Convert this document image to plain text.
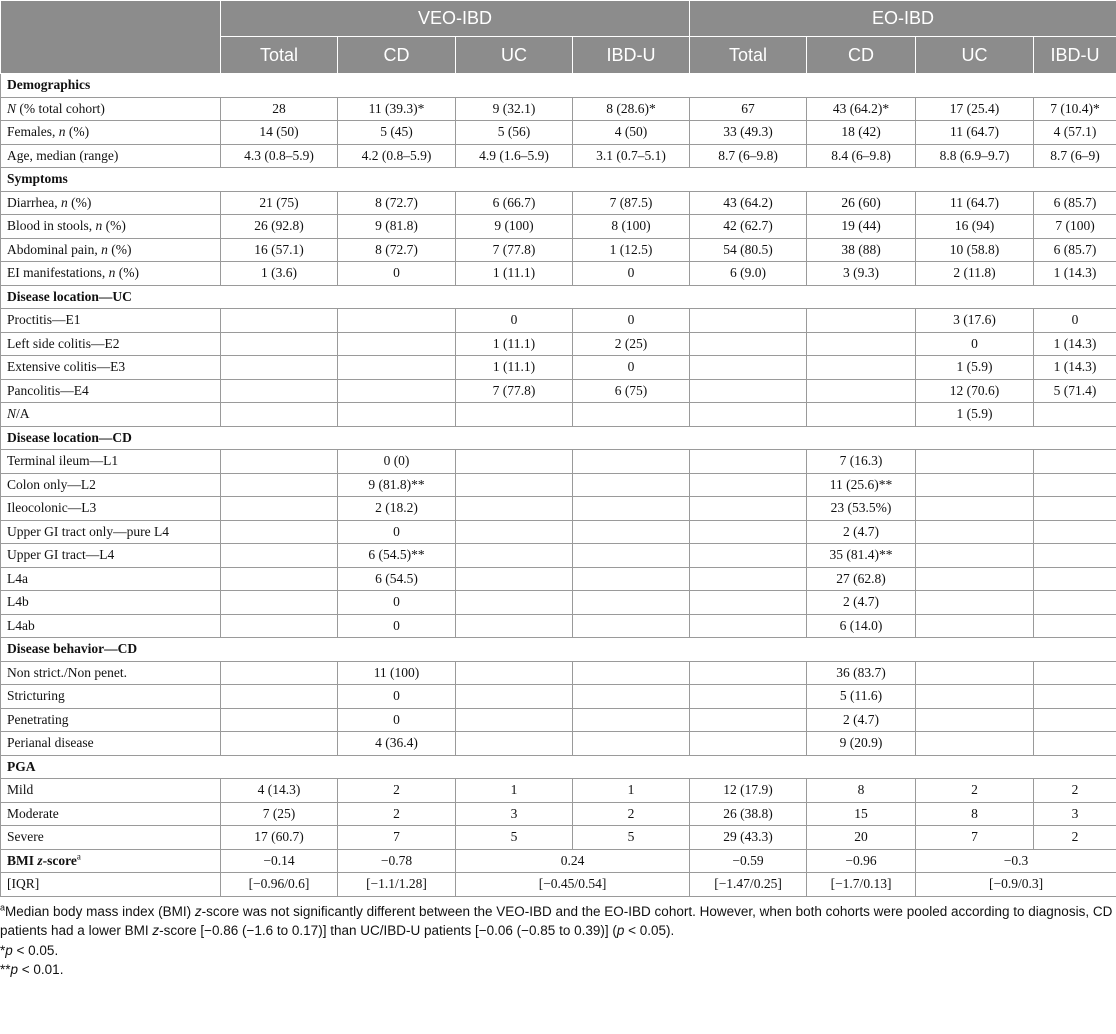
	VEO-IBD				EO-IBD			
	Total	CD	UC	IBD-U	Total	CD	UC	IBD-U
Demographics								
N (% total cohort)	28	11 (39.3)*	9 (32.1)	8 (28.6)*	67	43 (64.2)*	17 (25.4)	7 (10.4)*
Females, n (%)	14 (50)	5 (45)	5 (56)	4 (50)	33 (49.3)	18 (42)	11 (64.7)	4 (57.1)
Age, median (range)	4.3 (0.8–5.9)	4.2 (0.8–5.9)	4.9 (1.6–5.9)	3.1 (0.7–5.1)	8.7 (6–9.8)	8.4 (6–9.8)	8.8 (6.9–9.7)	8.7 (6–9)
Symptoms								
Diarrhea, n (%)	21 (75)	8 (72.7)	6 (66.7)	7 (87.5)	43 (64.2)	26 (60)	11 (64.7)	6 (85.7)
Blood in stools, n (%)	26 (92.8)	9 (81.8)	9 (100)	8 (100)	42 (62.7)	19 (44)	16 (94)	7 (100)
Abdominal pain, n (%)	16 (57.1)	8 (72.7)	7 (77.8)	1 (12.5)	54 (80.5)	38 (88)	10 (58.8)	6 (85.7)
EI manifestations, n (%)	1 (3.6)	0	1 (11.1)	0	6 (9.0)	3 (9.3)	2 (11.8)	1 (14.3)
Disease location—UC								
Proctitis—E1			0	0			3 (17.6)	0
Left side colitis—E2			1 (11.1)	2 (25)			0	1 (14.3)
Extensive colitis—E3			1 (11.1)	0			1 (5.9)	1 (14.3)
Pancolitis—E4			7 (77.8)	6 (75)			12 (70.6)	5 (71.4)
N/A							1 (5.9)	
Disease location—CD								
Terminal ileum—L1		0 (0)				7 (16.3)		
Colon only—L2		9 (81.8)**				11 (25.6)**		
Ileocolonic—L3		2 (18.2)				23 (53.5%)		
Upper GI tract only—pure L4		0				2 (4.7)		
Upper GI tract—L4		6 (54.5)**				35 (81.4)**		
L4a		6 (54.5)				27 (62.8)		
L4b		0				2 (4.7)		
L4ab		0				6 (14.0)		
Disease behavior—CD								
Non strict./Non penet.		11 (100)				36 (83.7)		
Stricturing		0				5 (11.6)		
Penetrating		0				2 (4.7)		
Perianal disease		4 (36.4)				9 (20.9)		
PGA								
Mild	4 (14.3)	2	1	1	12 (17.9)	8	2	2
Moderate	7 (25)	2	3	2	26 (38.8)	15	8	3
Severe	17 (60.7)	7	5	5	29 (43.3)	20	7	2
BMI z-score$^a$	−0.14	−0.78	0.24		−0.59	−0.96	−0.3	
[IQR]	[−0.96/0.6]	[−1.1/1.28]	[−0.45/0.54]		[−1.47/0.25]	[−1.7/0.13]	[−0.9/0.3]	

$^a$Median body mass index (BMI) z-score was not significantly different between the VEO-IBD and the EO-IBD cohort. However, when both cohorts were pooled according to diagnosis, CD patients had a lower BMI z-score [−0.86 (−1.6 to 0.17)] than UC/IBD-U patients [−0.06 (−0.85 to 0.39)] (p < 0.05).

*p < 0.05.

**p < 0.01.
